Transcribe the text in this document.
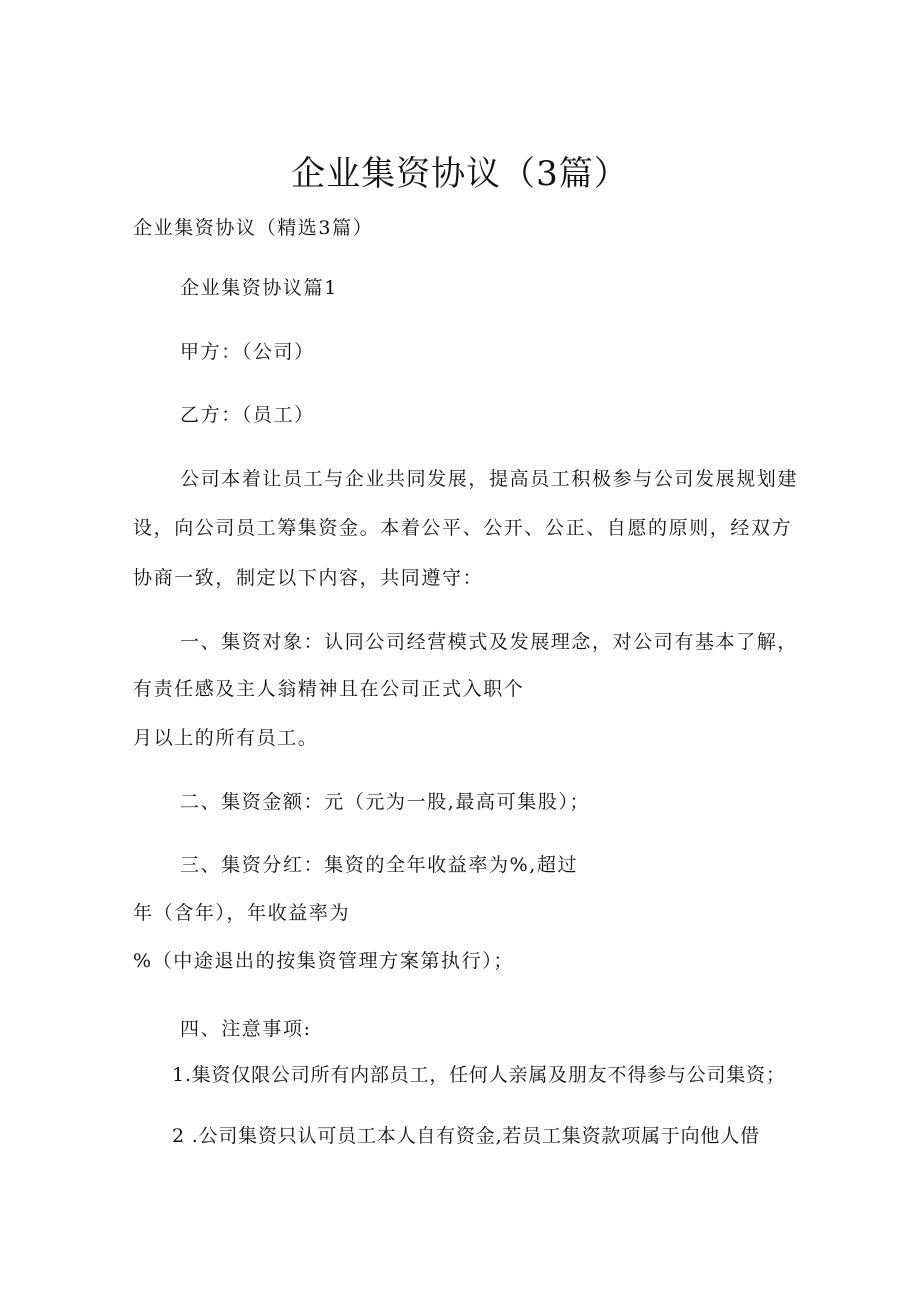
企业集资协议（3篇）
企业集资协议（精选3篇）
企业集资协议篇1
甲方：（公司）
乙方：（员工）
公司本着让员工与企业共同发展，提高员工积极参与公司发展规划建
设，向公司员工筹集资金。本着公平、公开、公正、自愿的原则，经双方
协商一致，制定以下内容，共同遵守：
一、集资对象：认同公司经营模式及发展理念，对公司有基本了解，
有责任感及主人翁精神且在公司正式入职个
月以上的所有员工。
二、集资金额：元（元为一股,最高可集股）；
三、集资分红：集资的全年收益率为%,超过
年（含年），年收益率为
%（中途退出的按集资管理方案第执行）；
四、注意事项:
1.集资仅限公司所有内部员工，任何人亲属及朋友不得参与公司集资；
2 .公司集资只认可员工本人自有资金,若员工集资款项属于向他人借
